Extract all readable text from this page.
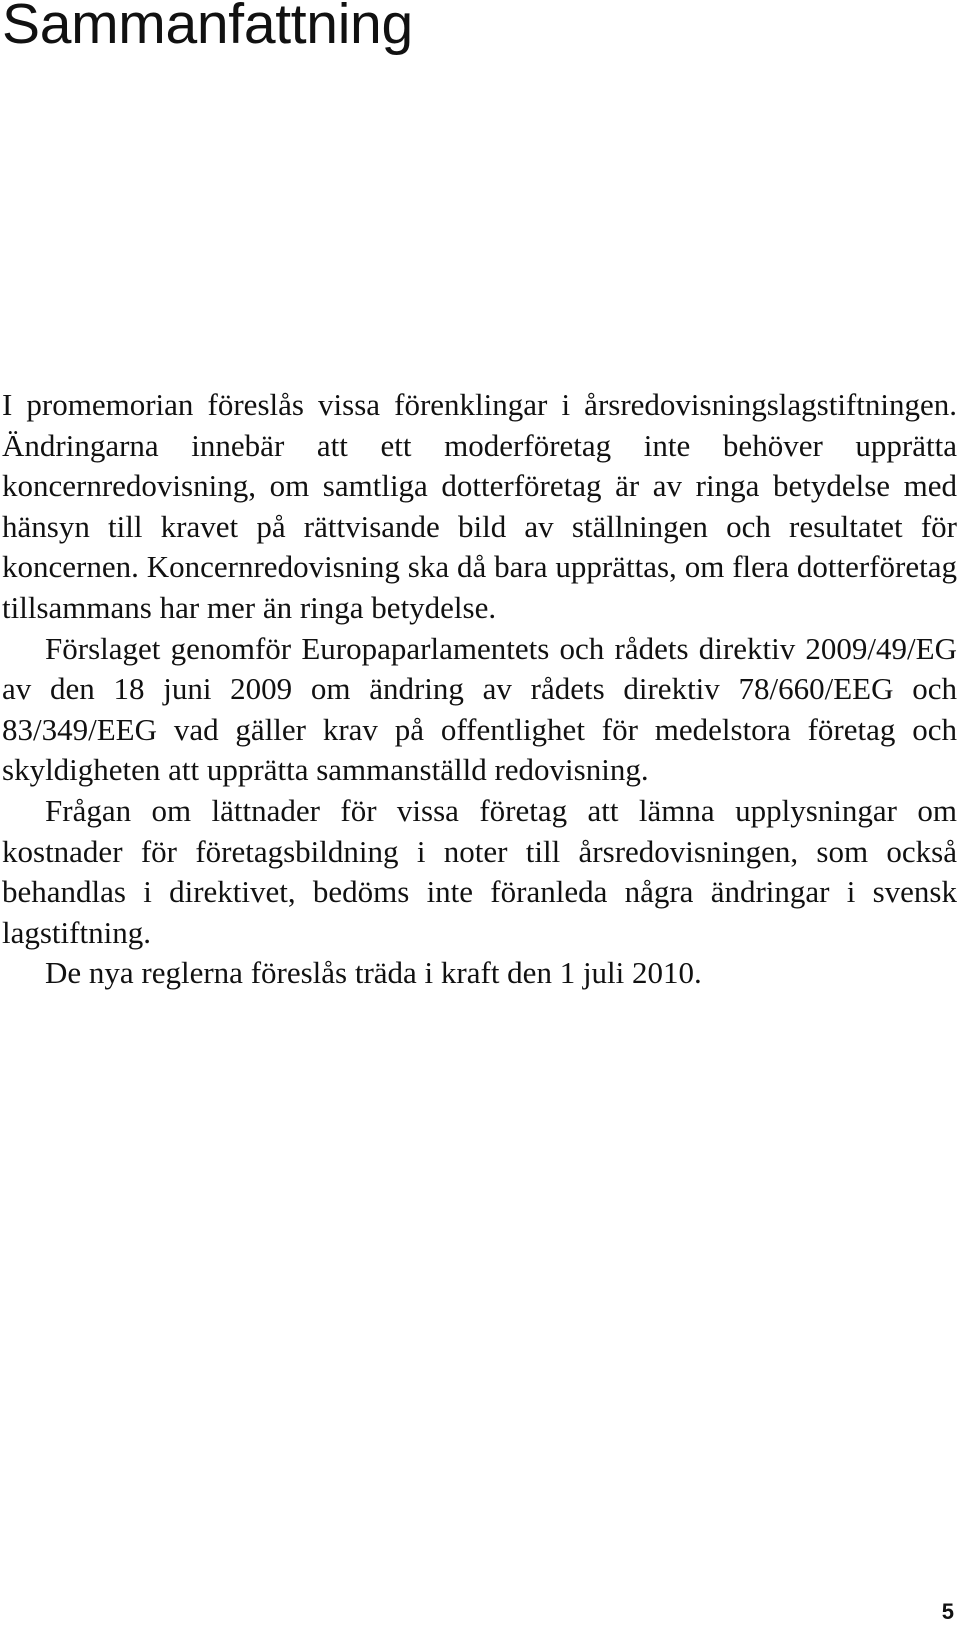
Sammanfattning

I promemorian föreslås vissa förenklingar i årsredovisningslagstiftningen. Ändringarna innebär att ett moderföretag inte behöver upprätta koncernredovisning, om samtliga dotterföretag är av ringa betydelse med hänsyn till kravet på rättvisande bild av ställningen och resultatet för koncernen. Koncernredovisning ska då bara upprättas, om flera dotterföretag tillsammans har mer än ringa betydelse.

Förslaget genomför Europaparlamentets och rådets direktiv 2009/49/EG av den 18 juni 2009 om ändring av rådets direktiv 78/660/EEG och 83/349/EEG vad gäller krav på offentlighet för medelstora företag och skyldigheten att upprätta sammanställd redovisning.

Frågan om lättnader för vissa företag att lämna upplysningar om kostnader för företagsbildning i noter till årsredovisningen, som också behandlas i direktivet, bedöms inte föranleda några ändringar i svensk lagstiftning.

De nya reglerna föreslås träda i kraft den 1 juli 2010.

5
